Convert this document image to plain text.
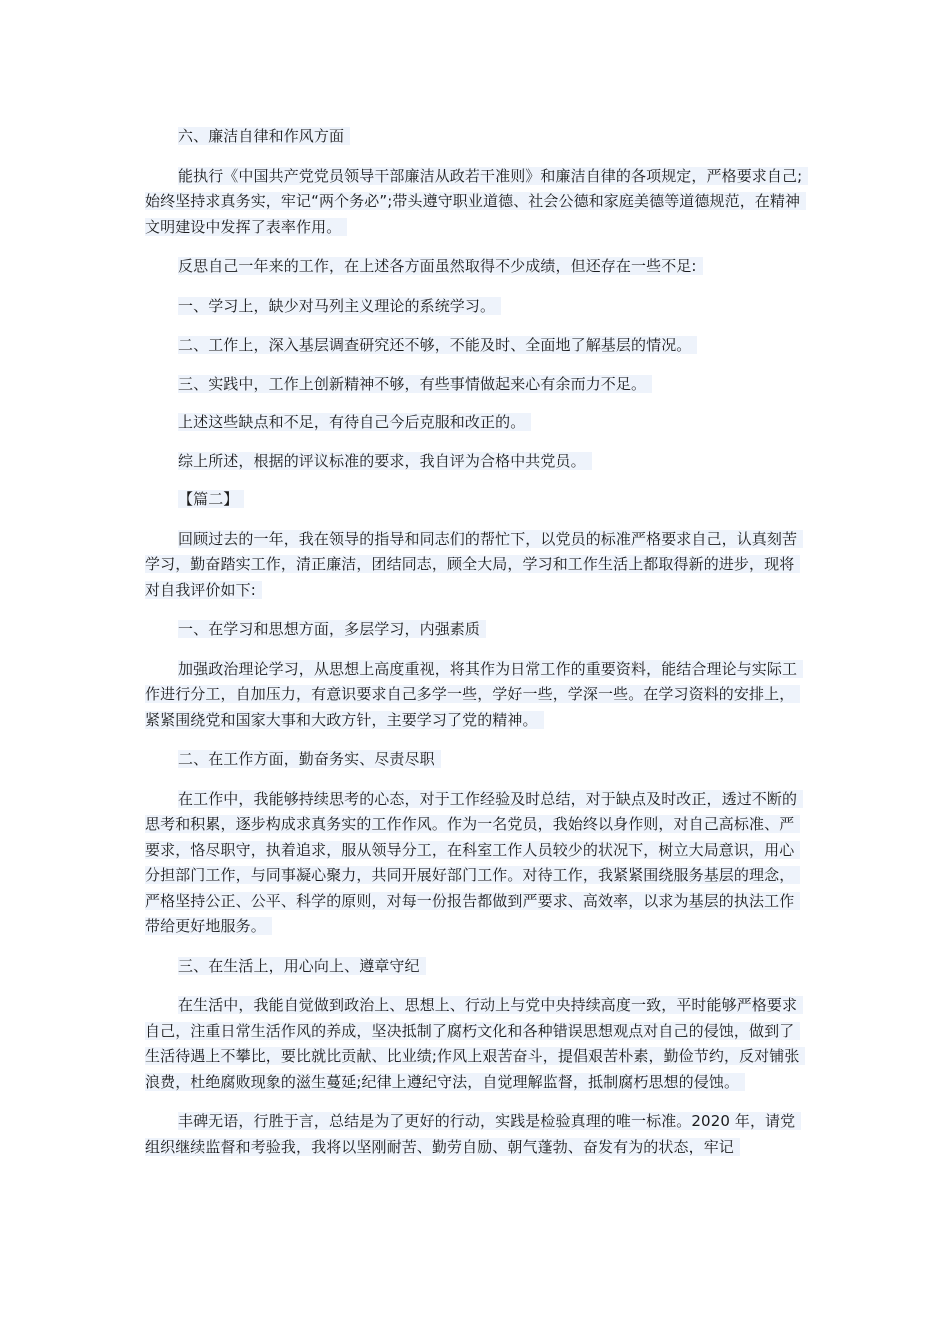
六、廉洁自律和作风方面

能执行《中国共产党党员领导干部廉洁从政若干准则》和廉洁自律的各项规定，严格要求自己;始终坚持求真务实，牢记“两个务必”;带头遵守职业道德、社会公德和家庭美德等道德规范，在精神文明建设中发挥了表率作用。

反思自己一年来的工作，在上述各方面虽然取得不少成绩，但还存在一些不足:

一、学习上，缺少对马列主义理论的系统学习。

二、工作上，深入基层调查研究还不够，不能及时、全面地了解基层的情况。

三、实践中，工作上创新精神不够，有些事情做起来心有余而力不足。

上述这些缺点和不足，有待自己今后克服和改正的。

综上所述，根据的评议标准的要求，我自评为合格中共党员。

【篇二】

回顾过去的一年，我在领导的指导和同志们的帮忙下，以党员的标准严格要求自己，认真刻苦学习，勤奋踏实工作，清正廉洁，团结同志，顾全大局，学习和工作生活上都取得新的进步，现将对自我评价如下:

一、在学习和思想方面，多层学习，内强素质

加强政治理论学习，从思想上高度重视，将其作为日常工作的重要资料，能结合理论与实际工作进行分工，自加压力，有意识要求自己多学一些，学好一些，学深一些。在学习资料的安排上，紧紧围绕党和国家大事和大政方针，主要学习了党的精神。

二、在工作方面，勤奋务实、尽责尽职

在工作中，我能够持续思考的心态，对于工作经验及时总结，对于缺点及时改正，透过不断的思考和积累，逐步构成求真务实的工作作风。作为一名党员，我始终以身作则，对自己高标准、严要求，恪尽职守，执着追求，服从领导分工，在科室工作人员较少的状况下，树立大局意识，用心分担部门工作，与同事凝心聚力，共同开展好部门工作。对待工作，我紧紧围绕服务基层的理念，严格坚持公正、公平、科学的原则，对每一份报告都做到严要求、高效率，以求为基层的执法工作带给更好地服务。

三、在生活上，用心向上、遵章守纪

在生活中，我能自觉做到政治上、思想上、行动上与党中央持续高度一致，平时能够严格要求自己，注重日常生活作风的养成，坚决抵制了腐朽文化和各种错误思想观点对自己的侵蚀，做到了生活待遇上不攀比，要比就比贡献、比业绩;作风上艰苦奋斗，提倡艰苦朴素，勤俭节约，反对铺张浪费，杜绝腐败现象的滋生蔓延;纪律上遵纪守法，自觉理解监督，抵制腐朽思想的侵蚀。

丰碑无语，行胜于言，总结是为了更好的行动，实践是检验真理的唯一标准。2020 年，请党组织继续监督和考验我，我将以坚刚耐苦、勤劳自励、朝气蓬勃、奋发有为的状态，牢记
